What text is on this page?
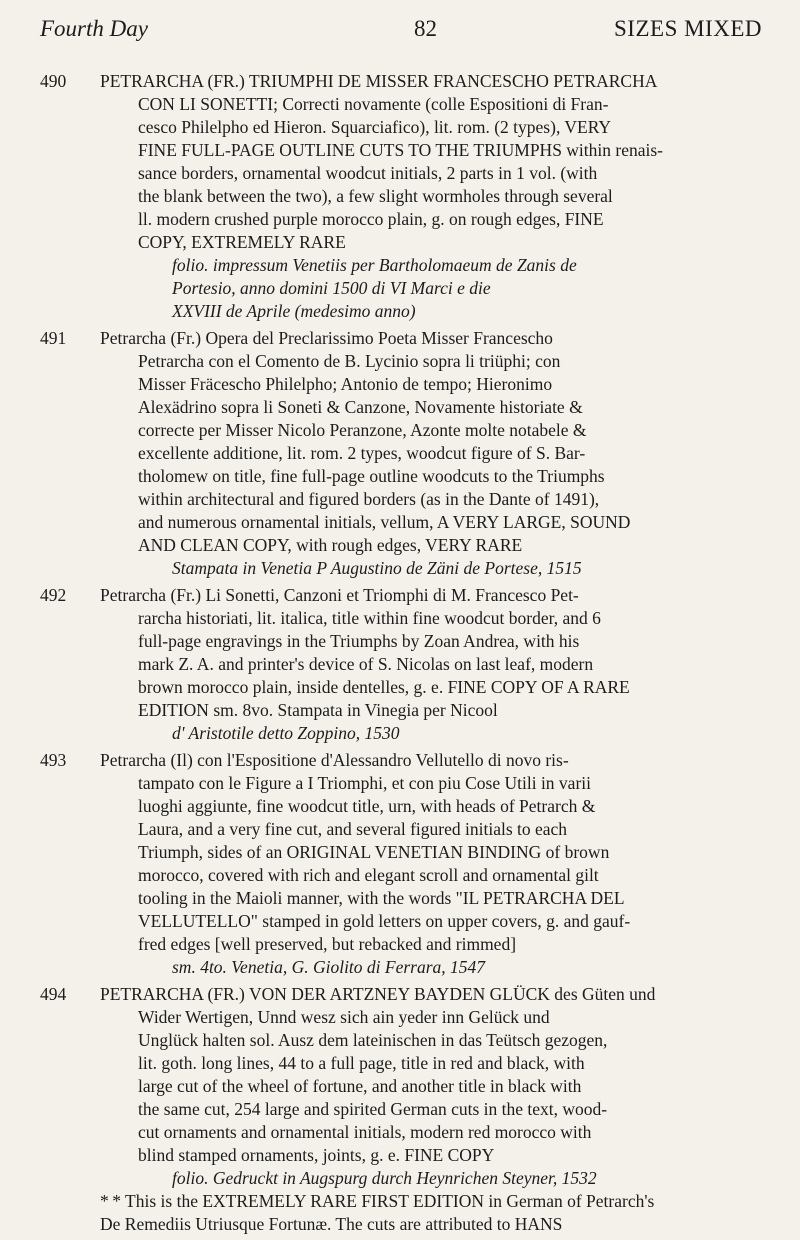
Fourth Day	82	SIZES MIXED
490 PETRARCHA (FR.) TRIUMPHI DE MISSER FRANCESCHO PETRARCHA
CON LI SONETTI; Correcti novamente (colle Espositioni di Fran-
cesco Philelpho ed Hieron. Squarciafico), lit. rom. (2 types), VERY
FINE FULL-PAGE OUTLINE CUTS TO THE TRIUMPHS within renais-
sance borders, ornamental woodcut initials, 2 parts in 1 vol. (with
the blank between the two), a few slight wormholes through several
ll. modern crushed purple morocco plain, g. on rough edges, FINE
COPY, EXTREMELY RARE
folio. impressum Venetiis per Bartholomaeum de Zanis de
Portesio, anno domini 1500 di VI Marci e die
XXVIII de Aprile (medesimo anno)
491 Petrarcha (Fr.) Opera del Preclarissimo Poeta Misser Francescho
Petrarcha con el Comento de B. Lycinio sopra li triüphi; con
Misser Fräcescho Philelpho; Antonio de tempo; Hieronimo
Alexädrino sopra li Soneti & Canzone, Novamente historiate &
correcte per Misser Nicolo Peranzone, Azonte molte notabele &
excellente additione, lit. rom. 2 types, woodcut figure of S. Bar-
tholomew on title, fine full-page outline woodcuts to the Triumphs
within architectural and figured borders (as in the Dante of 1491),
and numerous ornamental initials, vellum, A VERY LARGE, SOUND
AND CLEAN COPY, with rough edges, VERY RARE
Stampata in Venetia P Augustino de Zäni de Portese, 1515
492 Petrarcha (Fr.) Li Sonetti, Canzoni et Triomphi di M. Francesco Pet-
rarcha historiati, lit. italica, title within fine woodcut border, and 6
full-page engravings in the Triumphs by Zoan Andrea, with his
mark Z. A. and printer's device of S. Nicolas on last leaf, modern
brown morocco plain, inside dentelles, g. e. FINE COPY OF A RARE
EDITION sm. 8vo. Stampata in Vinegia per Nicool
d' Aristotile detto Zoppino, 1530
493 Petrarcha (Il) con l'Espositione d'Alessandro Vellutello di novo ris-
tampato con le Figure a I Triomphi, et con piu Cose Utili in varii
luoghi aggiunte, fine woodcut title, urn, with heads of Petrarch &
Laura, and a very fine cut, and several figured initials to each
Triumph, sides of an ORIGINAL VENETIAN BINDING of brown
morocco, covered with rich and elegant scroll and ornamental gilt
tooling in the Maioli manner, with the words "IL PETRARCHA DEL
VELLUTELLO" stamped in gold letters on upper covers, g. and gauf-
fred edges [well preserved, but rebacked and rimmed]
sm. 4to. Venetia, G. Giolito di Ferrara, 1547
494 PETRARCHA (FR.) VON DER ARTZNEY BAYDEN GLÜCK des Güten und
Wider Wertigen, Unnd wesz sich ain yeder inn Gelück und
Unglück halten sol. Ausz dem lateinischen in das Teütsch gezogen,
lit. goth. long lines, 44 to a full page, title in red and black, with
large cut of the wheel of fortune, and another title in black with
the same cut, 254 large and spirited German cuts in the text, wood-
cut ornaments and ornamental initials, modern red morocco with
blind stamped ornaments, joints, g. e. FINE COPY
folio. Gedruckt in Augspurg durch Heynrichen Steyner, 1532
* * This is the EXTREMELY RARE FIRST EDITION in German of Petrarch's
De Remediis Utriusque Fortunæ. The cuts are attributed to HANS
